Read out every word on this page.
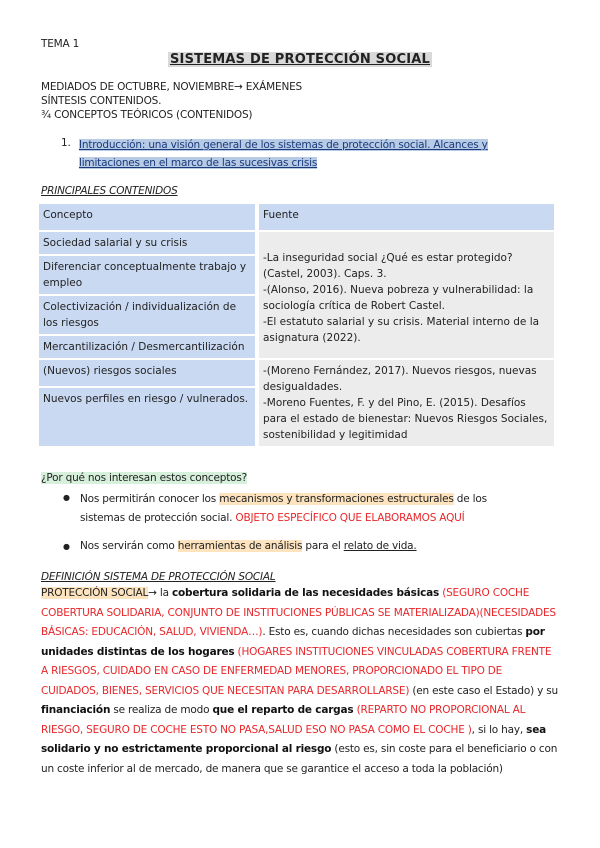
TEMA 1
SISTEMAS DE PROTECCIÓN SOCIAL
MEDIADOS DE OCTUBRE, NOVIEMBRE→ EXÁMENES
SÍNTESIS CONTENIDOS.
¾ CONCEPTOS TEÓRICOS (CONTENIDOS)
1. Introducción: una visión general de los sistemas de protección social. Alcances y
limitaciones en el marco de las sucesivas crisis
PRINCIPALES CONTENIDOS
Concepto		Fuente
Sociedad salarial y su crisis		-La inseguridad social ¿Qué es estar protegido? (Castel, 2003). Caps. 3.
-(Alonso, 2016). Nueva pobreza y vulnerabilidad: la sociología crítica de Robert Castel.
-El estatuto salarial y su crisis. Material interno de la asignatura (2022).

Diferenciar conceptualmente trabajo y empleo		
Colectivización / individualización de los riesgos		
Mercantilización / Desmercantilización		
(Nuevos) riesgos sociales		-(Moreno Fernández, 2017). Nuevos riesgos, nuevas desigualdades.
-Moreno Fuentes, F. y del Pino, E. (2015). Desafíos para el estado de bienestar: Nuevos Riesgos Sociales, sostenibilidad y legitimidad

Nuevos perfiles en riesgo / vulnerados.		
¿Por qué nos interesan estos conceptos?
● Nos permitirán conocer los mecanismos y transformaciones estructurales de los
sistemas de protección social. OBJETO ESPECÍFICO QUE ELABORAMOS AQUÍ
● Nos servirán como herramientas de análisis para el relato de vida.
DEFINICIÓN SISTEMA DE PROTECCIÓN SOCIAL
PROTECCIÓN SOCIAL→ la cobertura solidaria de las necesidades básicas (SEGURO COCHE COBERTURA SOLIDARIA, CONJUNTO DE INSTITUCIONES PÚBLICAS SE MATERIALIZADA)(NECESIDADES BÁSICAS: EDUCACIÓN, SALUD, VIVIENDA…). Esto es, cuando dichas necesidades son cubiertas por unidades distintas de los hogares (HOGARES INSTITUCIONES VINCULADAS COBERTURA FRENTE A RIESGOS, CUIDADO EN CASO DE ENFERMEDAD MENORES, PROPORCIONADO EL TIPO DE CUIDADOS, BIENES, SERVICIOS QUE NECESITAN PARA DESARROLLARSE) (en este caso el Estado) y su financiación se realiza de modo que el reparto de cargas (REPARTO NO PROPORCIONAL AL RIESGO, SEGURO DE COCHE ESTO NO PASA,SALUD ESO NO PASA COMO EL COCHE ), si lo hay, sea solidario y no estrictamente proporcional al riesgo (esto es, sin coste para el beneficiario o con un coste inferior al de mercado, de manera que se garantice el acceso a toda la población)
